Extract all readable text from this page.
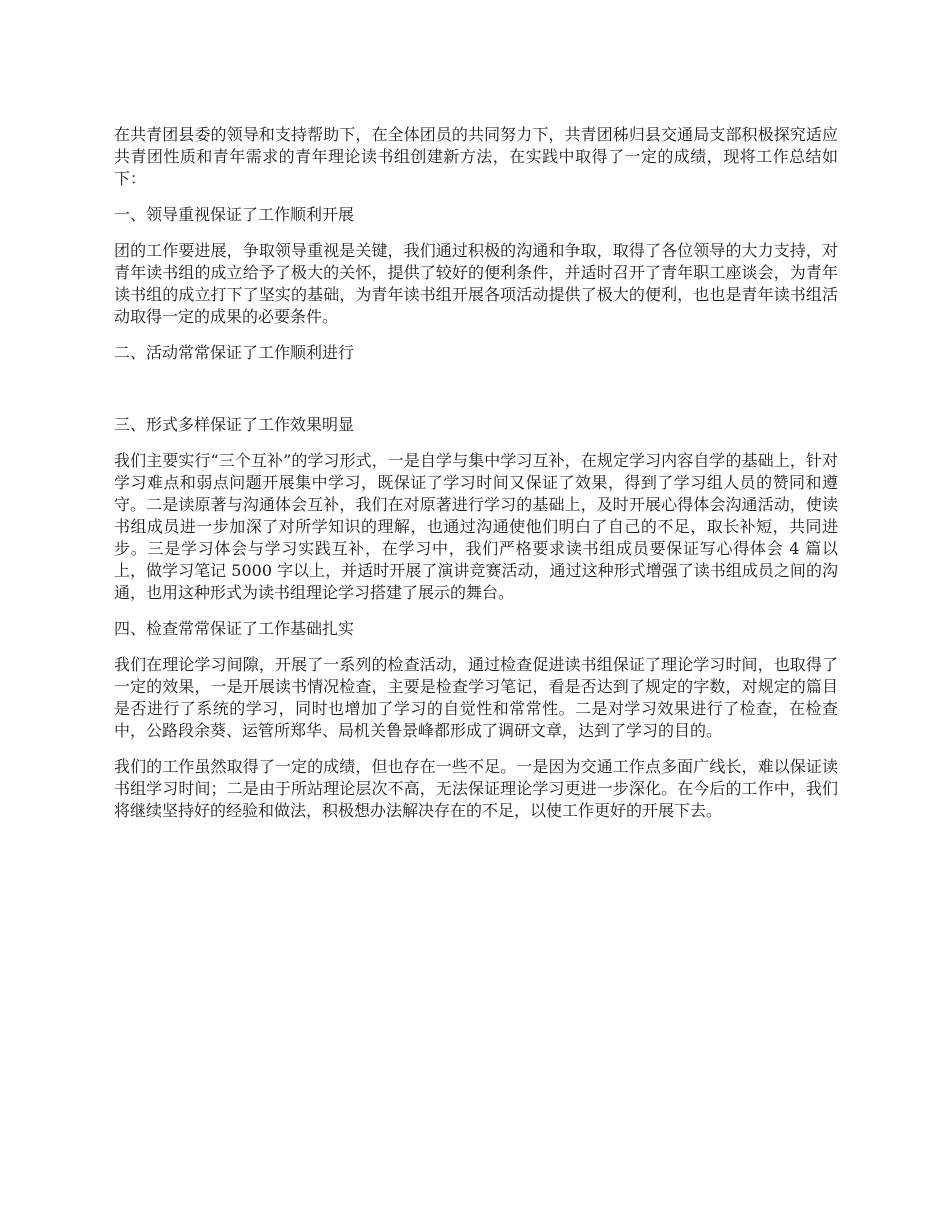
在共青团县委的领导和支持帮助下，在全体团员的共同努力下，共青团秭归县交通局支部积极探究适应共青团性质和青年需求的青年理论读书组创建新方法，在实践中取得了一定的成绩，现将工作总结如下：

一、领导重视保证了工作顺利开展

团的工作要进展，争取领导重视是关键，我们通过积极的沟通和争取，取得了各位领导的大力支持，对青年读书组的成立给予了极大的关怀，提供了较好的便利条件，并适时召开了青年职工座谈会，为青年读书组的成立打下了坚实的基础，为青年读书组开展各项活动提供了极大的便利，也也是青年读书组活动取得一定的成果的必要条件。

二、活动常常保证了工作顺利进行

三、形式多样保证了工作效果明显

我们主要实行“三个互补”的学习形式，一是自学与集中学习互补，在规定学习内容自学的基础上，针对学习难点和弱点问题开展集中学习，既保证了学习时间又保证了效果，得到了学习组人员的赞同和遵守。二是读原著与沟通体会互补，我们在对原著进行学习的基础上，及时开展心得体会沟通活动，使读书组成员进一步加深了对所学知识的理解，也通过沟通使他们明白了自己的不足，取长补短，共同进步。三是学习体会与学习实践互补，在学习中，我们严格要求读书组成员要保证写心得体会 4 篇以上，做学习笔记 5000 字以上，并适时开展了演讲竞赛活动，通过这种形式增强了读书组成员之间的沟通，也用这种形式为读书组理论学习搭建了展示的舞台。

四、检查常常保证了工作基础扎实

我们在理论学习间隙，开展了一系列的检查活动，通过检查促进读书组保证了理论学习时间，也取得了一定的效果，一是开展读书情况检查，主要是检查学习笔记，看是否达到了规定的字数，对规定的篇目是否进行了系统的学习，同时也增加了学习的自觉性和常常性。二是对学习效果进行了检查，在检查中，公路段余葵、运管所郑华、局机关鲁景峰都形成了调研文章，达到了学习的目的。

我们的工作虽然取得了一定的成绩，但也存在一些不足。一是因为交通工作点多面广线长，难以保证读书组学习时间；二是由于所站理论层次不高，无法保证理论学习更进一步深化。在今后的工作中，我们将继续坚持好的经验和做法，积极想办法解决存在的不足，以使工作更好的开展下去。
